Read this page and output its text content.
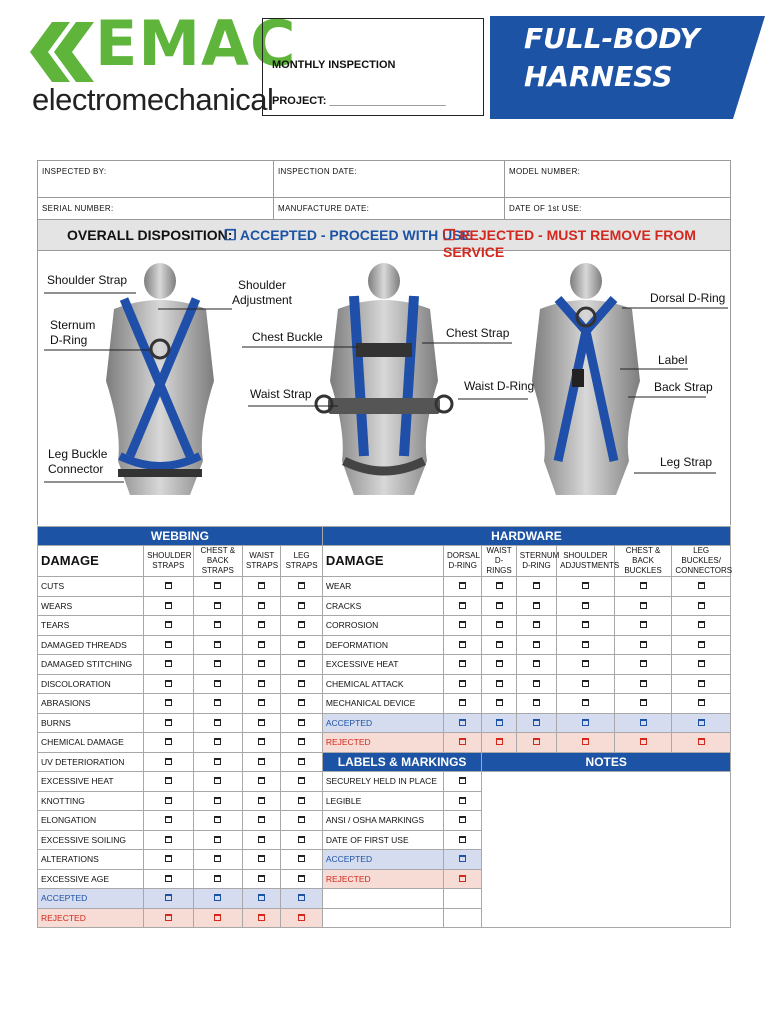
EMAC
electromechanical
MONTHLY INSPECTION
PROJECT: ___________________
FULL-BODY
HARNESS
INSPECTED BY:	INSPECTION DATE:	MODEL NUMBER:
SERIAL NUMBER:	MANUFACTURE DATE:	DATE OF 1st USE:
OVERALL DISPOSITION:
❐ ACCEPTED - PROCEED WITH USE
❐ REJECTED - MUST REMOVE FROM SERVICE
Shoulder Strap	Shoulder Adjustment
Sternum D-Ring	Chest Buckle	Chest Strap
Dorsal D-Ring
Label
Back Strap
Waist Strap
Waist D-Ring
Leg Buckle Connector	Leg Strap
WEBBING					HARDWARE						
DAMAGE	SHOULDER STRAPS	CHEST & BACK STRAPS	WAIST STRAPS	LEG STRAPS	DAMAGE	DORSAL D-RING	WAIST D-RINGS	STERNUM D-RING	SHOULDER ADJUSTMENTS	CHEST & BACK BUCKLES	LEG BUCKLES/ CONNECTORS
CUTS					WEAR						
WEARS					CRACKS						
TEARS					CORROSION						
DAMAGED THREADS					DEFORMATION						
DAMAGED STITCHING					EXCESSIVE HEAT						
DISCOLORATION					CHEMICAL ATTACK						
ABRASIONS					MECHANICAL DEVICE						
BURNS					ACCEPTED						
CHEMICAL DAMAGE					REJECTED						
UV DETERIORATION					LABELS & MARKINGS		NOTES				
EXCESSIVE HEAT					SECURELY HELD IN PLACE						
KNOTTING					LEGIBLE						
ELONGATION					ANSI / OSHA MARKINGS						
EXCESSIVE SOILING					DATE OF FIRST USE						
ALTERATIONS					ACCEPTED						
EXCESSIVE AGE					REJECTED						
ACCEPTED											
REJECTED											
